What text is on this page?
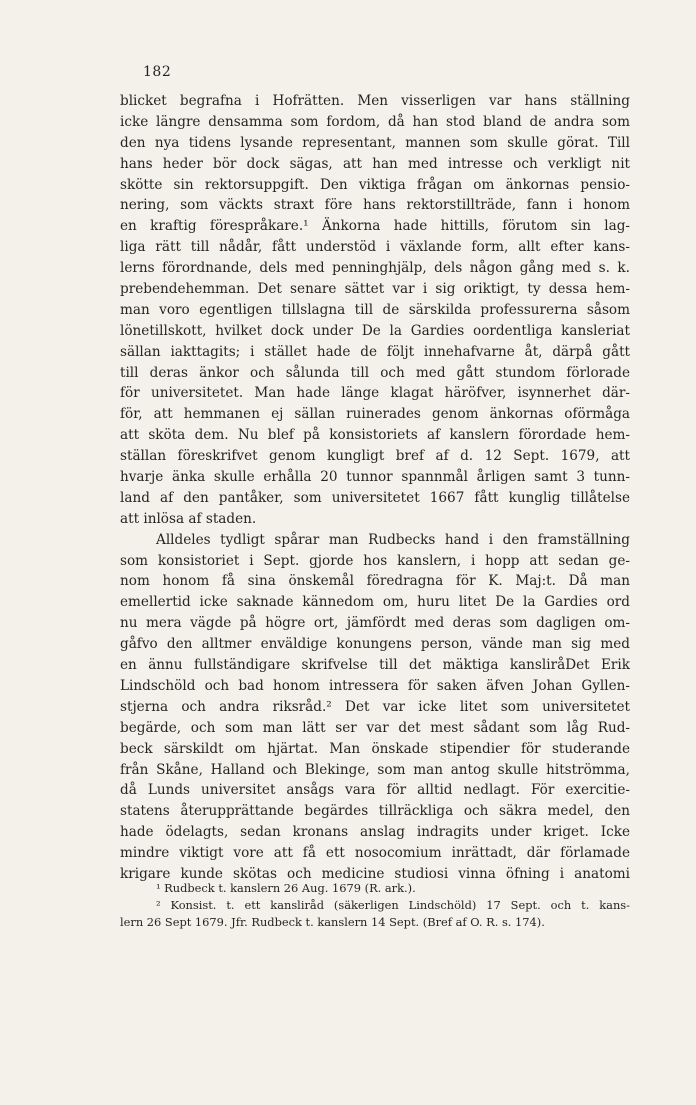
182
blicket begrafna i Hofrätten. Men visserligen var hans ställning
icke längre densamma som fordom, då han stod bland de andra som
den nya tidens lysande representant, mannen som skulle görat. Till
hans heder bör dock sägas, att han med intresse och verkligt nit
skötte sin rektorsuppgift. Den viktiga frågan om änkornas pensio-
nering, som väckts straxt före hans rektorstillträde, fann i honom
en kraftig förespråkare.¹ Änkorna hade hittills, förutom sin lag-
liga rätt till nådår, fått understöd i växlande form, allt efter kans-
lerns förordnande, dels med penninghjälp, dels någon gång med s. k.
prebendehemman. Det senare sättet var i sig oriktigt, ty dessa hem-
man voro egentligen tillslagna till de särskilda professurerna såsom
lönetillskott, hvilket dock under De la Gardies oordentliga kansleriat
sällan iakttagits; i stället hade de följt innehafvarne åt, därpå gått
till deras änkor och sålunda till och med gått stundom förlorade
för universitetet. Man hade länge klagat häröfver, isynnerhet där-
för, att hemmanen ej sällan ruinerades genom änkornas oförmåga
att sköta dem. Nu blef på konsistoriets af kanslern förordade hem-
ställan föreskrifvet genom kungligt bref af d. 12 Sept. 1679, att
hvarje änka skulle erhålla 20 tunnor spannmål årligen samt 3 tunn-
land af den pantåker, som universitetet 1667 fått kunglig tillåtelse
att inlösa af staden.
Alldeles tydligt spårar man Rudbecks hand i den framställning
som konsistoriet i Sept. gjorde hos kanslern, i hopp att sedan ge-
nom honom få sina önskemål föredragna för K. Maj:t. Då man
emellertid icke saknade kännedom om, huru litet De la Gardies ord
nu mera vägde på högre ort, jämfördt med deras som dagligen om-
gåfvo den alltmer enväldige konungens person, vände man sig med
en ännu fullständigare skrifvelse till det mäktiga kansliråDet Erik
Lindschöld och bad honom intressera för saken äfven Johan Gyllen-
stjerna och andra riksråd.² Det var icke litet som universitetet
begärde, och som man lätt ser var det mest sådant som låg Rud-
beck särskildt om hjärtat. Man önskade stipendier för studerande
från Skåne, Halland och Blekinge, som man antog skulle hitströmma,
då Lunds universitet ansågs vara för alltid nedlagt. För exercitie-
statens återupprättande begärdes tillräckliga och säkra medel, den
hade ödelagts, sedan kronans anslag indragits under kriget. Icke
mindre viktigt vore att få ett nosocomium inrättadt, där förlamade
krigare kunde skötas och medicine studiosi vinna öfning i anatomi
¹ Rudbeck t. kanslern 26 Aug. 1679 (R. ark.).
² Konsist. t. ett kansliråd (säkerligen Lindschöld) 17 Sept. och t. kans-
lern 26 Sept 1679. Jfr. Rudbeck t. kanslern 14 Sept. (Bref af O. R. s. 174).
